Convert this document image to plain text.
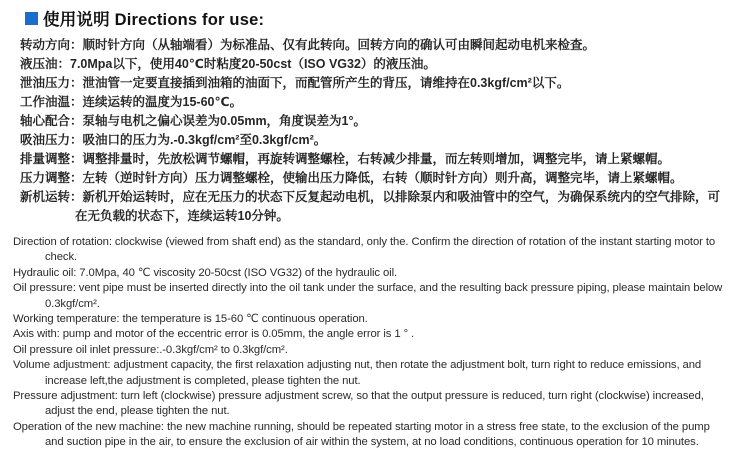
使用说明 Directions for use:

转动方向：顺时针方向（从轴端看）为标准品、仅有此转向。回转方向的确认可由瞬间起动电机来检查。

液压油：7.0Mpa以下，使用40℃时粘度20-50cst（ISO VG32）的液压油。

泄油压力：泄油管一定要直接插到油箱的油面下，而配管所产生的背压，请维持在0.3kgf/cm²以下。

工作油温：连续运转的温度为15-60℃。

轴心配合：泵轴与电机之偏心误差为0.05mm，角度误差为1°。

吸油压力：吸油口的压力为.-0.3kgf/cm²至0.3kgf/cm²。

排量调整：调整排量时，先放松调节螺帽，再旋转调整螺栓，右转减少排量，而左转则增加，调整完毕，请上紧螺帽。

压力调整：左转（逆时针方向）压力调整螺栓，使输出压力降低，右转（顺时针方向）则升高，调整完毕，请上紧螺帽。

新机运转：新机开始运转时，应在无压力的状态下反复起动电机，以排除泵内和吸油管中的空气，为确保系统内的空气排除，可在无负载的状态下，连续运转10分钟。

Direction of rotation: clockwise (viewed from shaft end) as the standard, only the. Confirm the direction of rotation of the instant starting motor to check.

Hydraulic oil: 7.0Mpa, 40 ℃ viscosity 20-50cst (ISO VG32) of the hydraulic oil.

Oil pressure: vent pipe must be inserted directly into the oil tank under the surface, and the resulting back pressure piping, please maintain below 0.3kgf/cm².

Working temperature: the temperature is 15-60 ℃ continuous operation.

Axis with: pump and motor of the eccentric error is 0.05mm, the angle error is 1 ° .

Oil pressure oil inlet pressure:.-0.3kgf/cm² to 0.3kgf/cm².

Volume adjustment: adjustment capacity, the first relaxation adjusting nut, then rotate the adjustment bolt, turn right to reduce emissions, and increase left,the adjustment is completed, please tighten the nut.

Pressure adjustment: turn left (clockwise) pressure adjustment screw, so that the output pressure is reduced, turn right (clockwise) increased, adjust the end, please tighten the nut.

Operation of the new machine: the new machine running, should be repeated starting motor in a stress free state, to the exclusion of the pump and suction pipe in the air, to ensure the exclusion of air within the system, at no load conditions, continuous operation for 10 minutes.
